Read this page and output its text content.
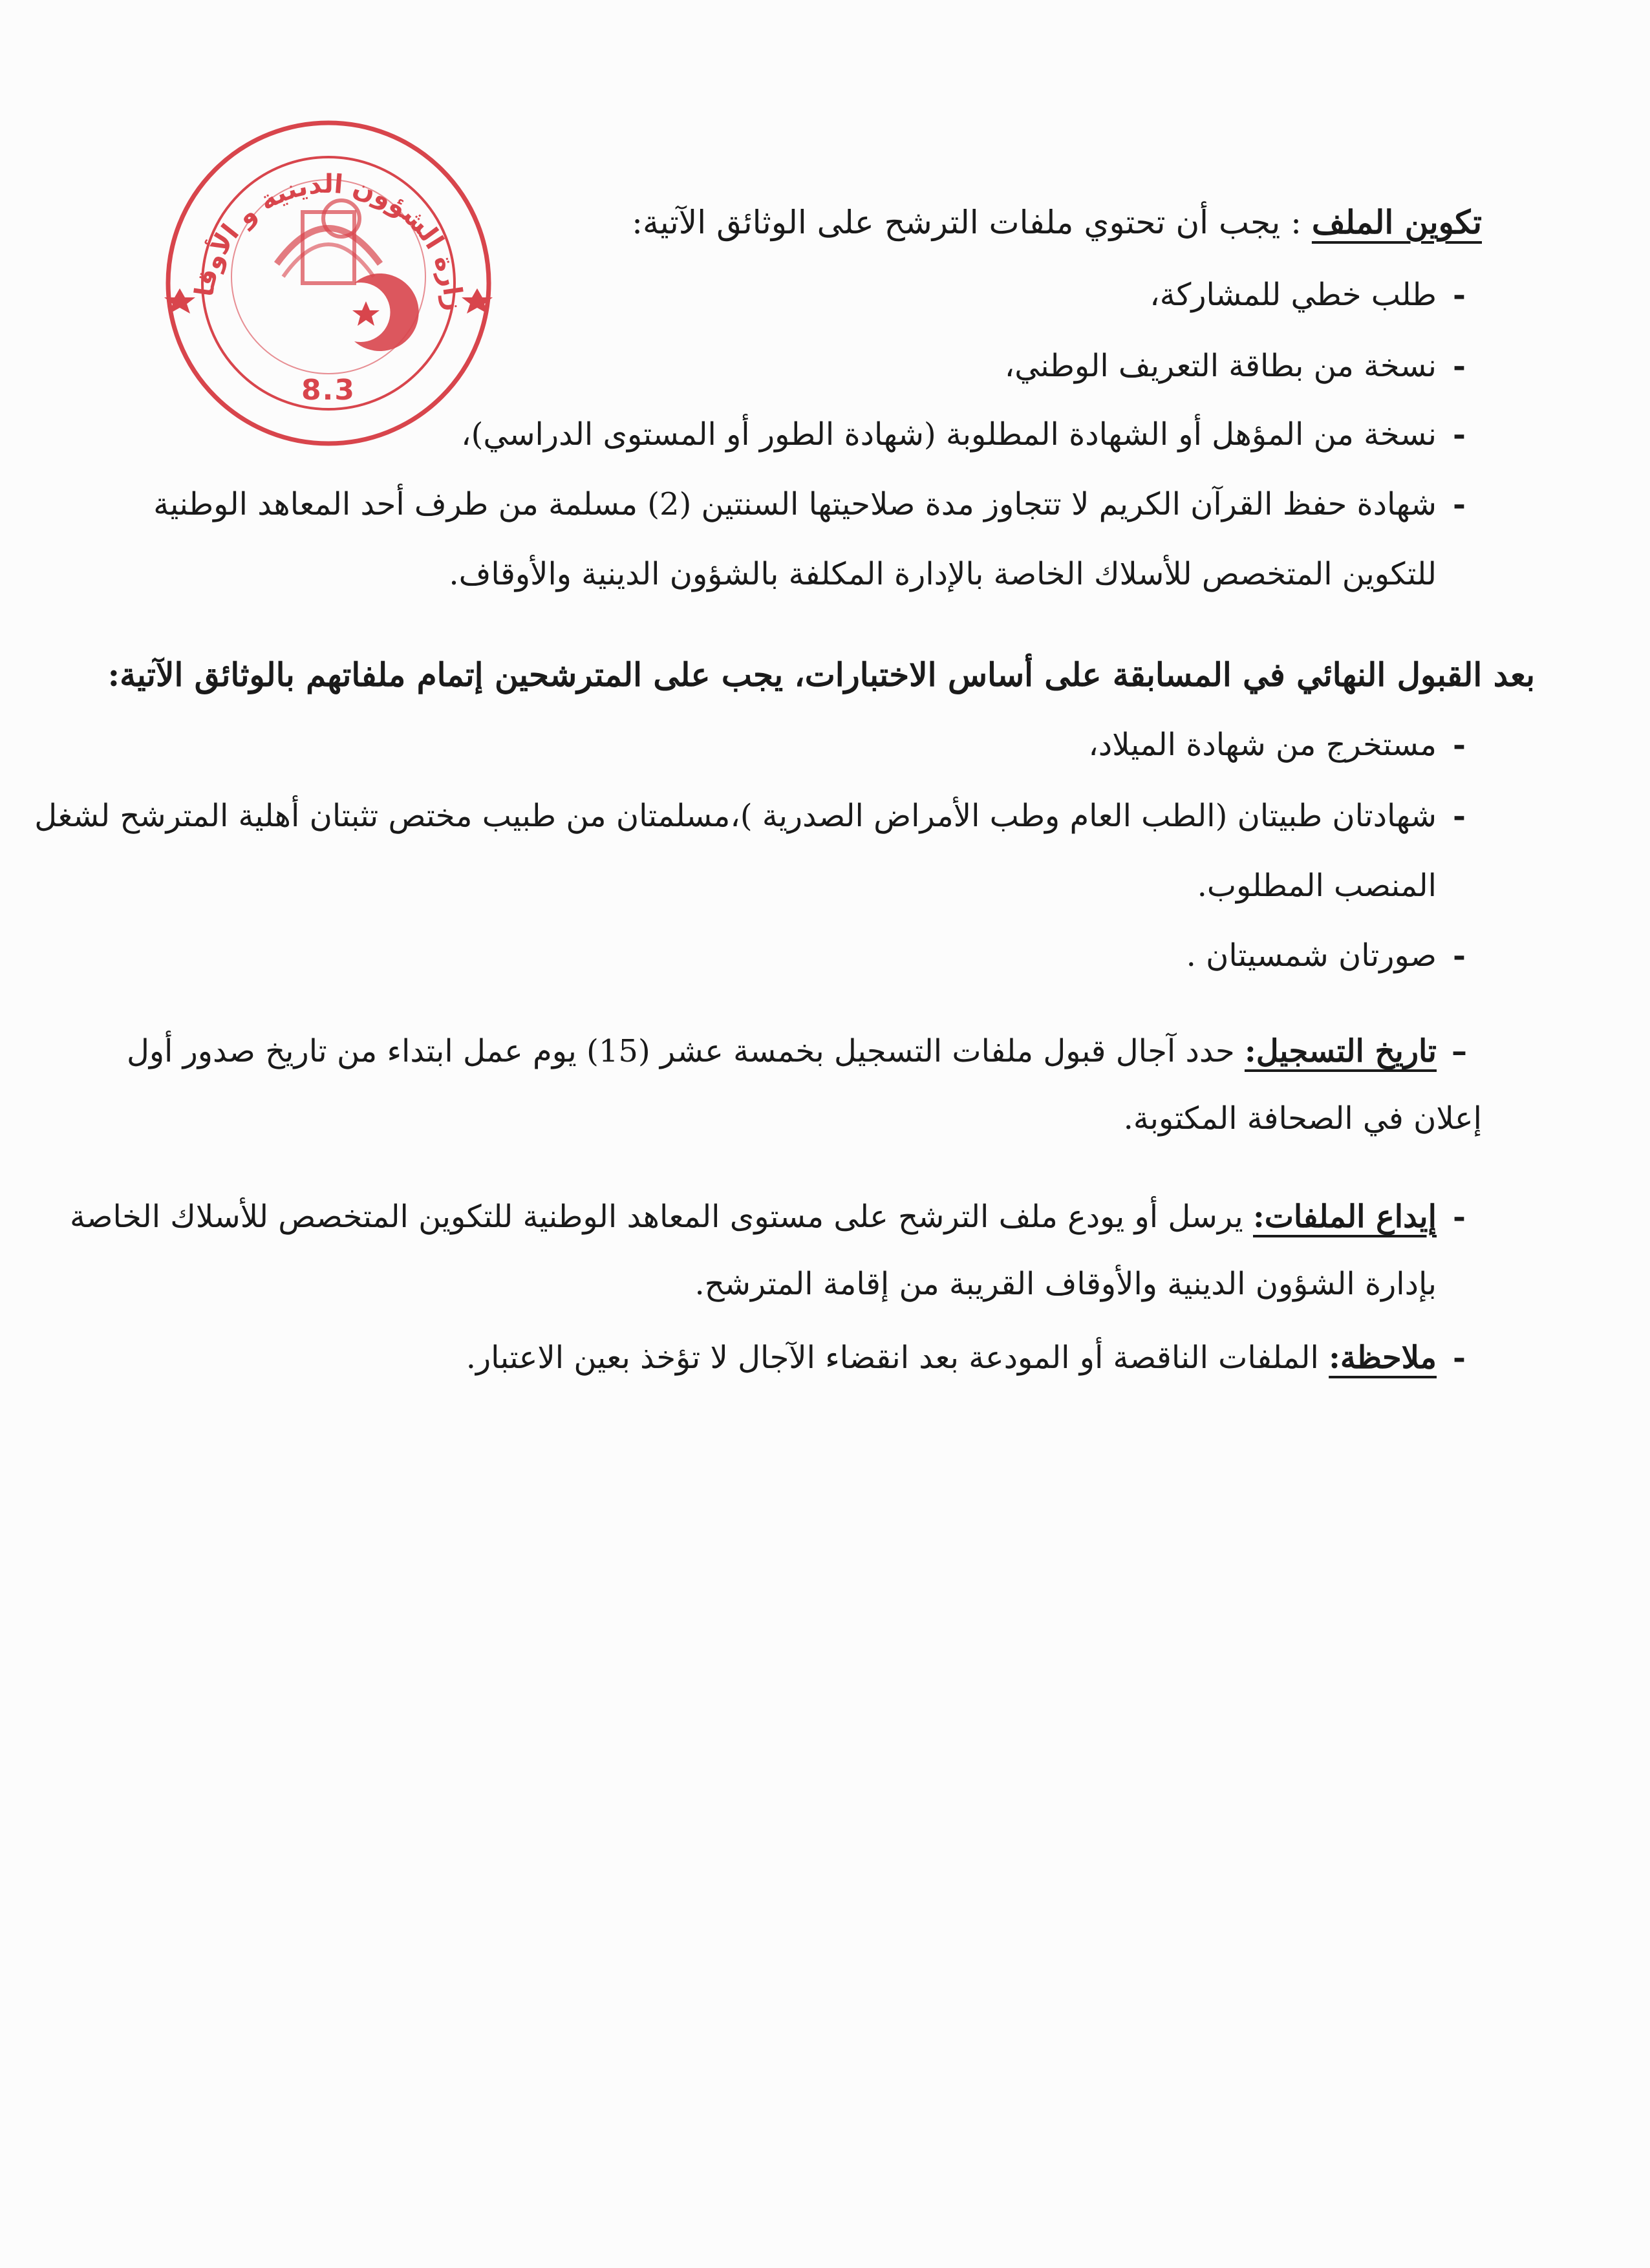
زارة الشؤون الدينية و الأوقاف
8.3
تكوين الملف : يجب أن تحتوي ملفات الترشح على الوثائق الآتية:
-طلب خطي للمشاركة،
-نسخة من بطاقة التعريف الوطني،
-نسخة من المؤهل أو الشهادة المطلوبة (شهادة الطور أو المستوى الدراسي)،
-شهادة حفظ القرآن الكريم لا تتجاوز مدة صلاحيتها السنتين (2) مسلمة من طرف أحد المعاهد الوطنية
للتكوين المتخصص للأسلاك الخاصة بالإدارة المكلفة بالشؤون الدينية والأوقاف.
بعد القبول النهائي في المسابقة على أساس الاختبارات، يجب على المترشحين إتمام ملفاتهم بالوثائق الآتية:
-مستخرج من شهادة الميلاد،
-شهادتان طبيتان (الطب العام وطب الأمراض الصدرية )،مسلمتان من طبيب مختص تثبتان أهلية المترشح لشغل
المنصب المطلوب.
-صورتان شمسيتان .
–تاريخ التسجيل: حدد آجال قبول ملفات التسجيل بخمسة عشر (15) يوم عمل ابتداء من تاريخ صدور أول
إعلان في الصحافة المكتوبة.
-إيداع الملفات: يرسل أو يودع ملف الترشح على مستوى المعاهد الوطنية للتكوين المتخصص للأسلاك الخاصة
بإدارة الشؤون الدينية والأوقاف القريبة من إقامة المترشح.
-ملاحظة: الملفات الناقصة أو المودعة بعد انقضاء الآجال لا تؤخذ بعين الاعتبار.
